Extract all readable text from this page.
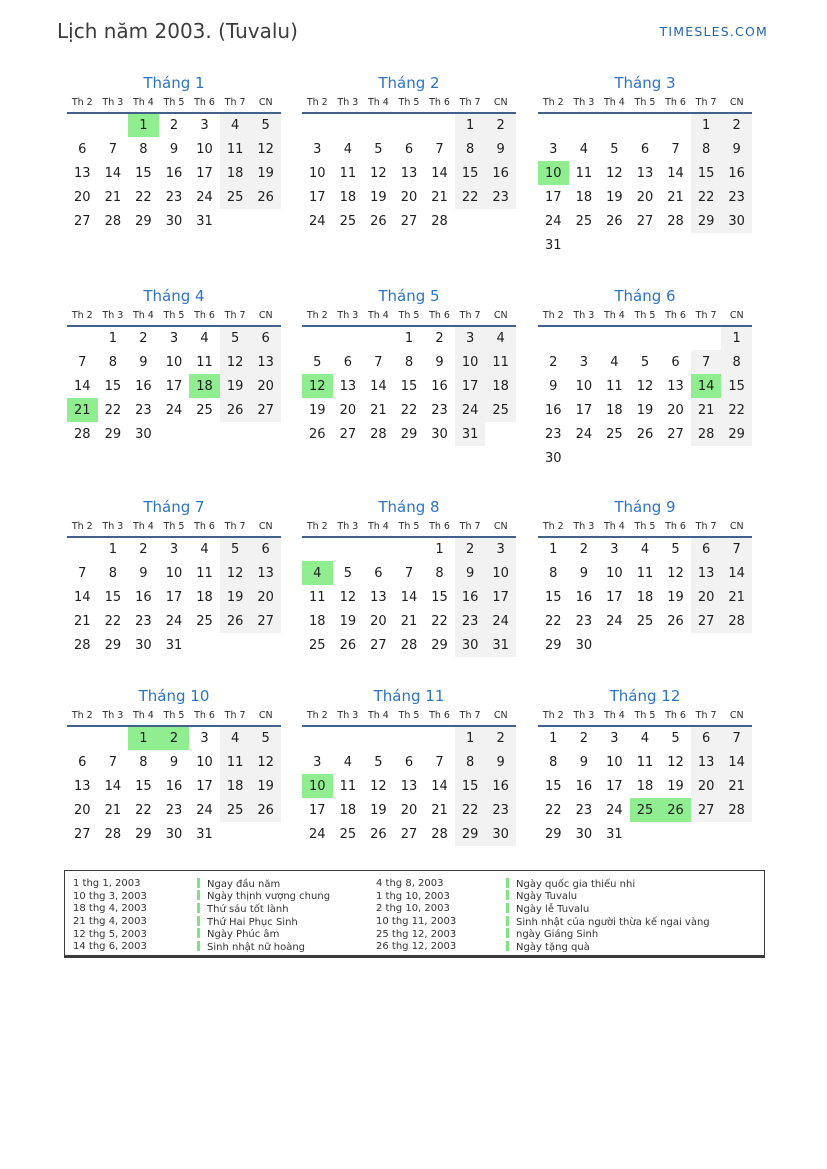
Lịch năm 2003. (Tuvalu)	TIMESLES.COM
Tháng 1
Th 2	Th 3	Th 4	Th 5	Th 6	Th 7	CN
		1	2	3	4	5
6	7	8	9	10	11	12
13	14	15	16	17	18	19
20	21	22	23	24	25	26
27	28	29	30	31		
Tháng 2
Th 2	Th 3	Th 4	Th 5	Th 6	Th 7	CN
					1	2
3	4	5	6	7	8	9
10	11	12	13	14	15	16
17	18	19	20	21	22	23
24	25	26	27	28		
Tháng 3
Th 2	Th 3	Th 4	Th 5	Th 6	Th 7	CN
					1	2
3	4	5	6	7	8	9
10	11	12	13	14	15	16
17	18	19	20	21	22	23
24	25	26	27	28	29	30
31						
Tháng 4
Th 2	Th 3	Th 4	Th 5	Th 6	Th 7	CN
	1	2	3	4	5	6
7	8	9	10	11	12	13
14	15	16	17	18	19	20
21	22	23	24	25	26	27
28	29	30				
Tháng 5
Th 2	Th 3	Th 4	Th 5	Th 6	Th 7	CN
			1	2	3	4
5	6	7	8	9	10	11
12	13	14	15	16	17	18
19	20	21	22	23	24	25
26	27	28	29	30	31	
Tháng 6
Th 2	Th 3	Th 4	Th 5	Th 6	Th 7	CN
						1
2	3	4	5	6	7	8
9	10	11	12	13	14	15
16	17	18	19	20	21	22
23	24	25	26	27	28	29
30						
Tháng 7
Th 2	Th 3	Th 4	Th 5	Th 6	Th 7	CN
	1	2	3	4	5	6
7	8	9	10	11	12	13
14	15	16	17	18	19	20
21	22	23	24	25	26	27
28	29	30	31			
Tháng 8
Th 2	Th 3	Th 4	Th 5	Th 6	Th 7	CN
				1	2	3
4	5	6	7	8	9	10
11	12	13	14	15	16	17
18	19	20	21	22	23	24
25	26	27	28	29	30	31
Tháng 9
Th 2	Th 3	Th 4	Th 5	Th 6	Th 7	CN
1	2	3	4	5	6	7
8	9	10	11	12	13	14
15	16	17	18	19	20	21
22	23	24	25	26	27	28
29	30					
Tháng 10
Th 2	Th 3	Th 4	Th 5	Th 6	Th 7	CN
		1	2	3	4	5
6	7	8	9	10	11	12
13	14	15	16	17	18	19
20	21	22	23	24	25	26
27	28	29	30	31		
Tháng 11
Th 2	Th 3	Th 4	Th 5	Th 6	Th 7	CN
					1	2
3	4	5	6	7	8	9
10	11	12	13	14	15	16
17	18	19	20	21	22	23
24	25	26	27	28	29	30
Tháng 12
Th 2	Th 3	Th 4	Th 5	Th 6	Th 7	CN
1	2	3	4	5	6	7
8	9	10	11	12	13	14
15	16	17	18	19	20	21
22	23	24	25	26	27	28
29	30	31				
1 thg 1, 2003	Ngay đầu năm	4 thg 8, 2003	Ngày quốc gia thiếu nhi
10 thg 3, 2003	Ngày thịnh vượng chung	1 thg 10, 2003	Ngày Tuvalu
18 thg 4, 2003	Thứ sáu tốt lành	2 thg 10, 2003	Ngày lễ Tuvalu
21 thg 4, 2003	Thứ Hai Phục Sinh	10 thg 11, 2003	Sinh nhật của người thừa kế ngai vàng
12 thg 5, 2003	Ngày Phúc âm	25 thg 12, 2003	ngày Giáng Sinh
14 thg 6, 2003	Sinh nhật nữ hoàng	26 thg 12, 2003	Ngày tặng quà
